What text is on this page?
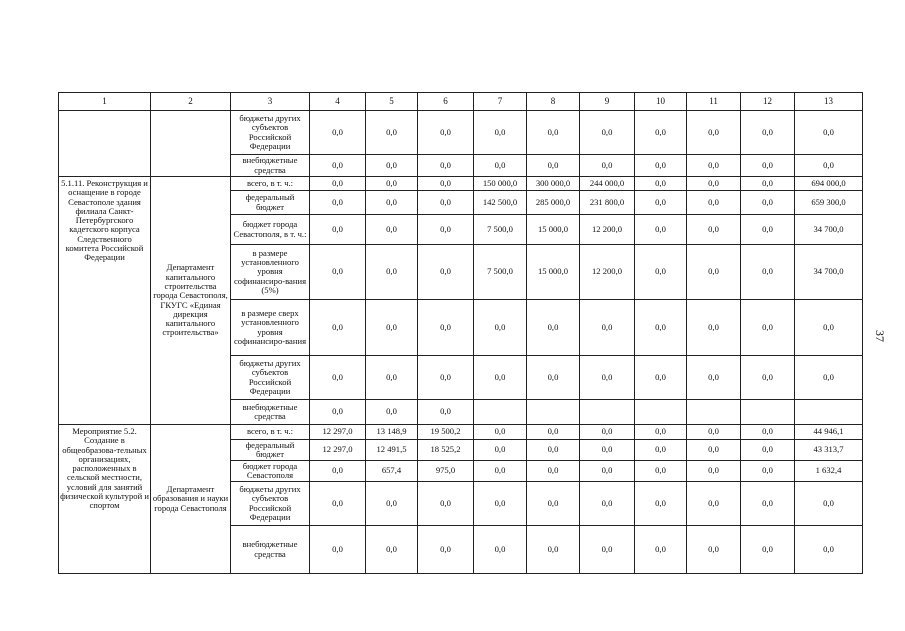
1	2	3	4	5	6	7	8	9	10	11	12	13
		бюджеты других субъектов Российской Федерации	0,0	0,0	0,0	0,0	0,0	0,0	0,0	0,0	0,0	0,0
		внебюджетные средства	0,0	0,0	0,0	0,0	0,0	0,0	0,0	0,0	0,0	0,0
5.1.11. Реконструкция и оснащение в городе Севастополе здания филиала Санкт-Петербургского кадетского корпуса Следственного комитета Российской Федерации	Департамент капитального строительства города Севастополя, ГКУГС «Единая дирекция капитального строительства»	всего, в т. ч.:	0,0	0,0	0,0	150 000,0	300 000,0	244 000,0	0,0	0,0	0,0	694 000,0
		федеральный бюджет	0,0	0,0	0,0	142 500,0	285 000,0	231 800,0	0,0	0,0	0,0	659 300,0
		бюджет города Севастополя, в т. ч.:	0,0	0,0	0,0	7 500,0	15 000,0	12 200,0	0,0	0,0	0,0	34 700,0
		в размере установленного уровня софинансиро-вания (5%)	0,0	0,0	0,0	7 500,0	15 000,0	12 200,0	0,0	0,0	0,0	34 700,0
		в размере сверх установленного уровня софинансиро-вания	0,0	0,0	0,0	0,0	0,0	0,0	0,0	0,0	0,0	0,0
		бюджеты других субъектов Российской Федерации	0,0	0,0	0,0	0,0	0,0	0,0	0,0	0,0	0,0	0,0
		внебюджетные средства	0,0	0,0	0,0							
Мероприятие 5.2. Создание в общеобразова-тельных организациях, расположенных в сельской местности, условий для занятий физической культурой и спортом	Департамент образования и науки города Севастополя	всего, в т. ч.:	12 297,0	13 148,9	19 500,2	0,0	0,0	0,0	0,0	0,0	0,0	44 946,1
		федеральный бюджет	12 297,0	12 491,5	18 525,2	0,0	0,0	0,0	0,0	0,0	0,0	43 313,7
		бюджет города Севастополя	0,0	657,4	975,0	0,0	0,0	0,0	0,0	0,0	0,0	1 632,4
		бюджеты других субъектов Российской Федерации	0,0	0,0	0,0	0,0	0,0	0,0	0,0	0,0	0,0	0,0
		внебюджетные средства	0,0	0,0	0,0	0,0	0,0	0,0	0,0	0,0	0,0	0,0
37
